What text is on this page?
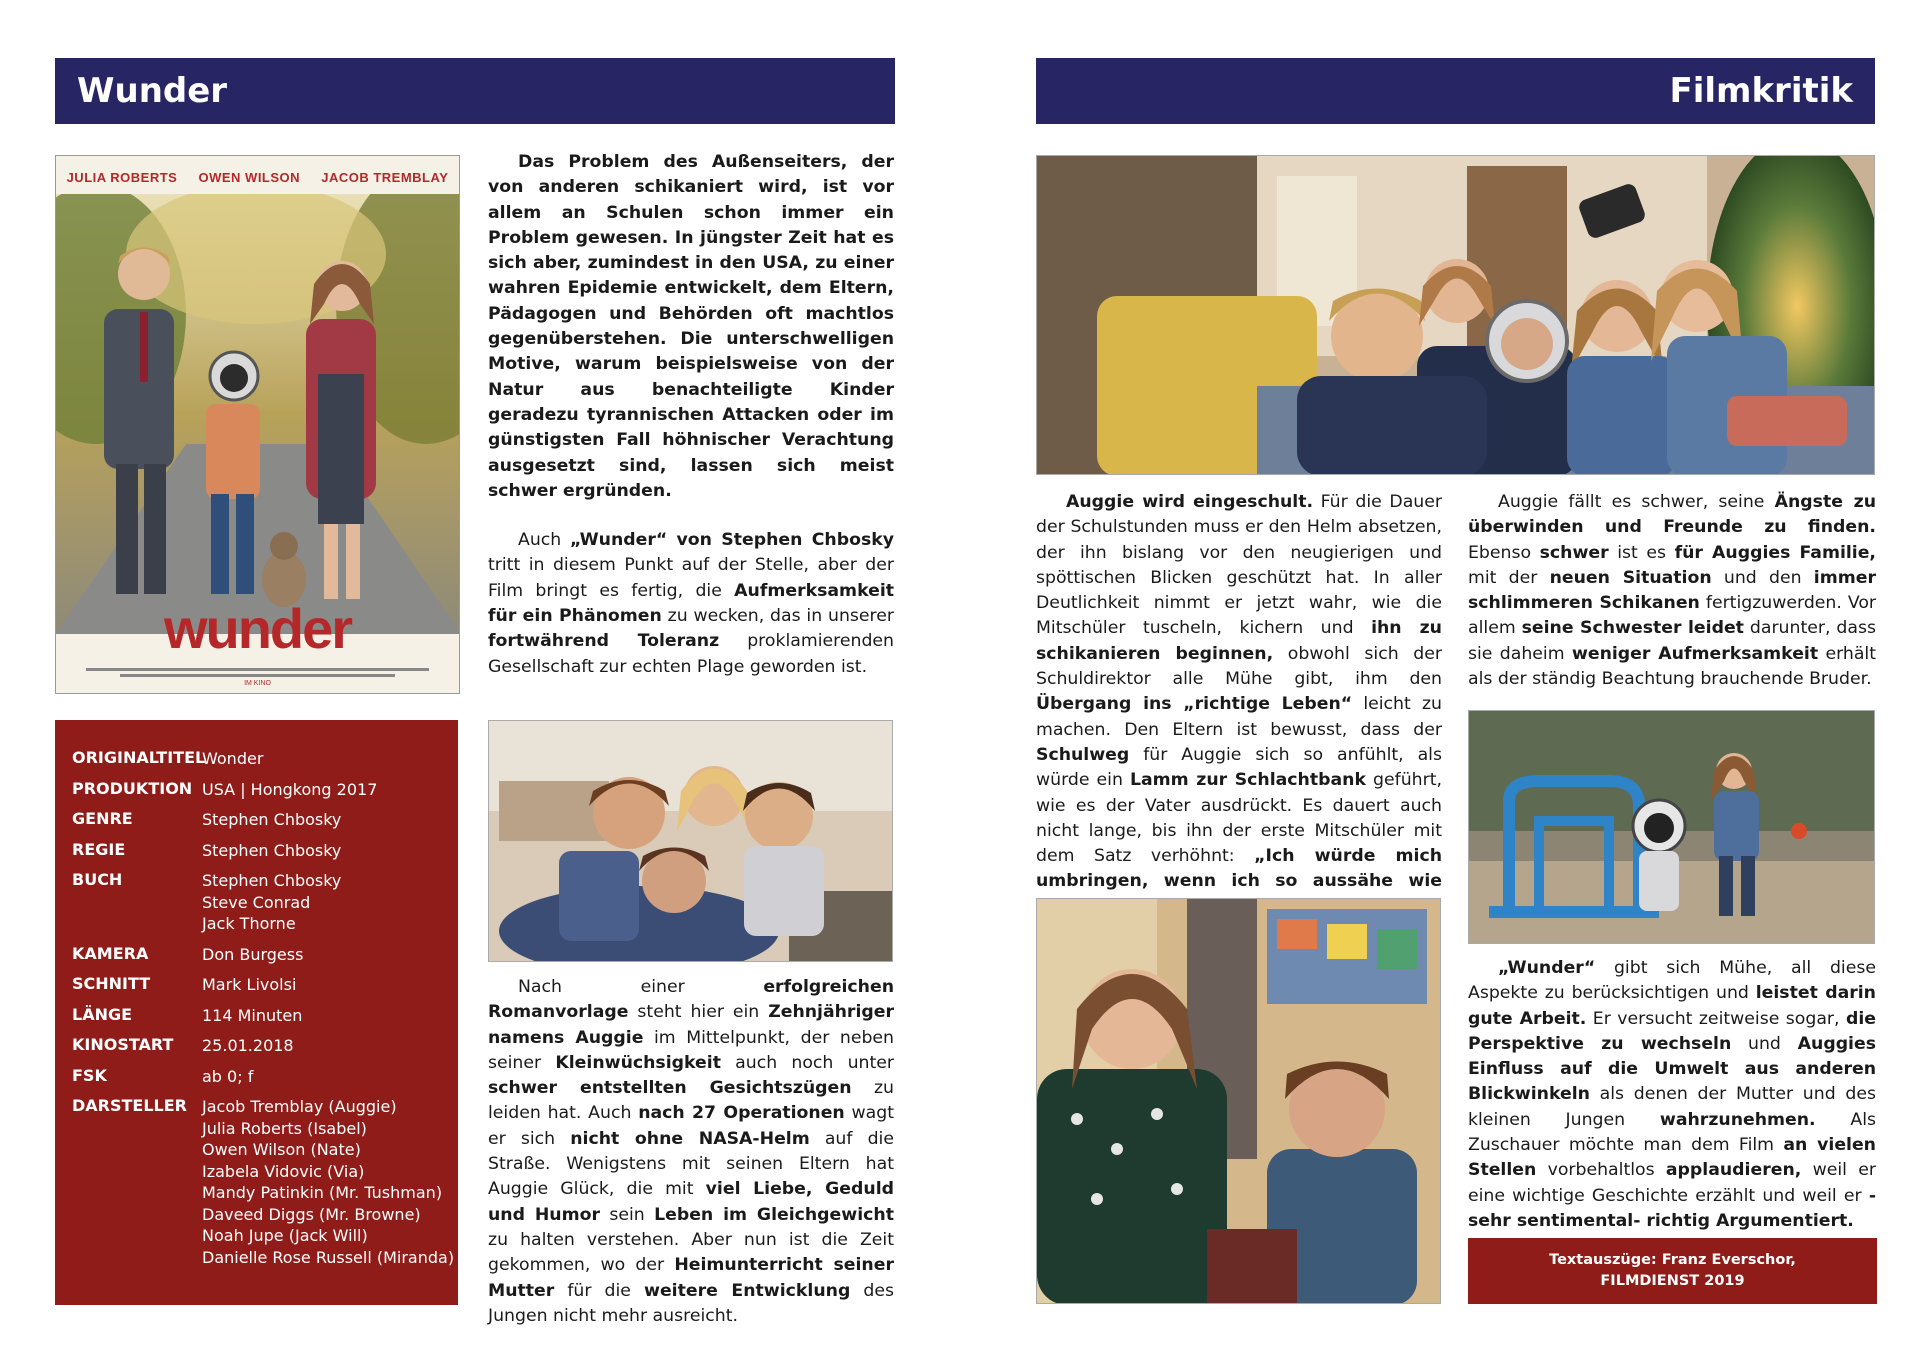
Wunder	Filmkritik
JULIA ROBERTS OWEN WILSON JACOB TREMBLAY
wunder
IM KINO

Das Problem des Außenseiters, der von anderen schikaniert wird, ist vor allem an Schulen schon immer ein Problem gewesen. In jüngster Zeit hat es sich aber, zumindest in den USA, zu einer wahren Epidemie entwickelt, dem Eltern, Pädagogen und Behörden oft machtlos gegenüberstehen. Die unterschwelligen Motive, warum beispielsweise von der Natur aus benachteiligte Kinder geradezu tyrannischen Attacken oder im günstigsten Fall höhnischer Verachtung ausgesetzt sind, lassen sich meist schwer ergründen.

Auch „Wunder“ von Stephen Chbosky tritt in diesem Punkt auf der Stelle, aber der Film bringt es fertig, die Aufmerksamkeit für ein Phänomen zu wecken, das in unserer fortwährend Toleranz proklamierenden Gesellschaft zur echten Plage geworden ist.

ORIGINALTITEL
Wonder
PRODUKTION USA | Hongkong 2017
GENRE	Stephen Chbosky
REGIE	Stephen Chbosky
BUCH	Stephen Chbosky
Steve Conrad
Jack Thorne
KAMERA	Don Burgess
SCHNITT	Mark Livolsi
LÄNGE	114 Minuten
KINOSTART	25.01.2018
FSK	ab 0; f
DARSTELLER Jacob Tremblay (Auggie)
Julia Roberts (Isabel)
Owen Wilson (Nate)
Izabela Vidovic (Via)
Mandy Patinkin (Mr. Tushman)
Daveed Diggs (Mr. Browne)
Noah Jupe (Jack Will)
Danielle Rose Russell (Miranda)

Nach einer erfolgreichen Romanvorlage steht hier ein Zehnjähriger namens Auggie im Mittelpunkt, der neben seiner Kleinwüchsigkeit auch noch unter schwer entstellten Gesichtszügen zu leiden hat. Auch nach 27 Operationen wagt er sich nicht ohne NASA-Helm auf die Straße. Wenigstens mit seinen Eltern hat Auggie Glück, die mit viel Liebe, Geduld und Humor sein Leben im Gleichgewicht zu halten verstehen. Aber nun ist die Zeit gekommen, wo der Heimunterricht seiner Mutter für die weitere Entwicklung des Jungen nicht mehr ausreicht.

Auggie wird eingeschult. Für die Dauer der Schulstunden muss er den Helm absetzen, der ihn bislang vor den neugierigen und spöttischen Blicken geschützt hat. In aller Deutlichkeit nimmt er jetzt wahr, wie die Mitschüler tuscheln, kichern und ihn zu schikanieren beginnen, obwohl sich der Schuldirektor alle Mühe gibt, ihm den Übergang ins „richtige Leben“ leicht zu machen. Den Eltern ist bewusst, dass der Schulweg für Auggie sich so anfühlt, als würde ein Lamm zur Schlachtbank geführt, wie es der Vater ausdrückt. Es dauert auch nicht lange, bis ihn der erste Mitschüler mit dem Satz verhöhnt: „Ich würde mich umbringen, wenn ich so aussähe wie

Auggie fällt es schwer, seine Ängste zu überwinden und Freunde zu finden. Ebenso schwer ist es für Auggies Familie, mit der neuen Situation und den immer schlimmeren Schikanen fertigzuwerden. Vor allem seine Schwester leidet darunter, dass sie daheim weniger Aufmerksamkeit erhält als der ständig Beachtung brauchende Bruder.

„Wunder“ gibt sich Mühe, all diese Aspekte zu berücksichtigen und leistet darin gute Arbeit. Er versucht zeitweise sogar, die Perspektive zu wechseln und Auggies Einfluss auf die Umwelt aus anderen Blickwinkeln als denen der Mutter und des kleinen Jungen wahrzunehmen. Als Zuschauer möchte man dem Film an vielen Stellen vorbehaltlos applaudieren, weil er eine wichtige Geschichte erzählt und weil er -sehr sentimental- richtig Argumentiert.

Textauszüge: Franz Everschor,
FILMDIENST 2019
